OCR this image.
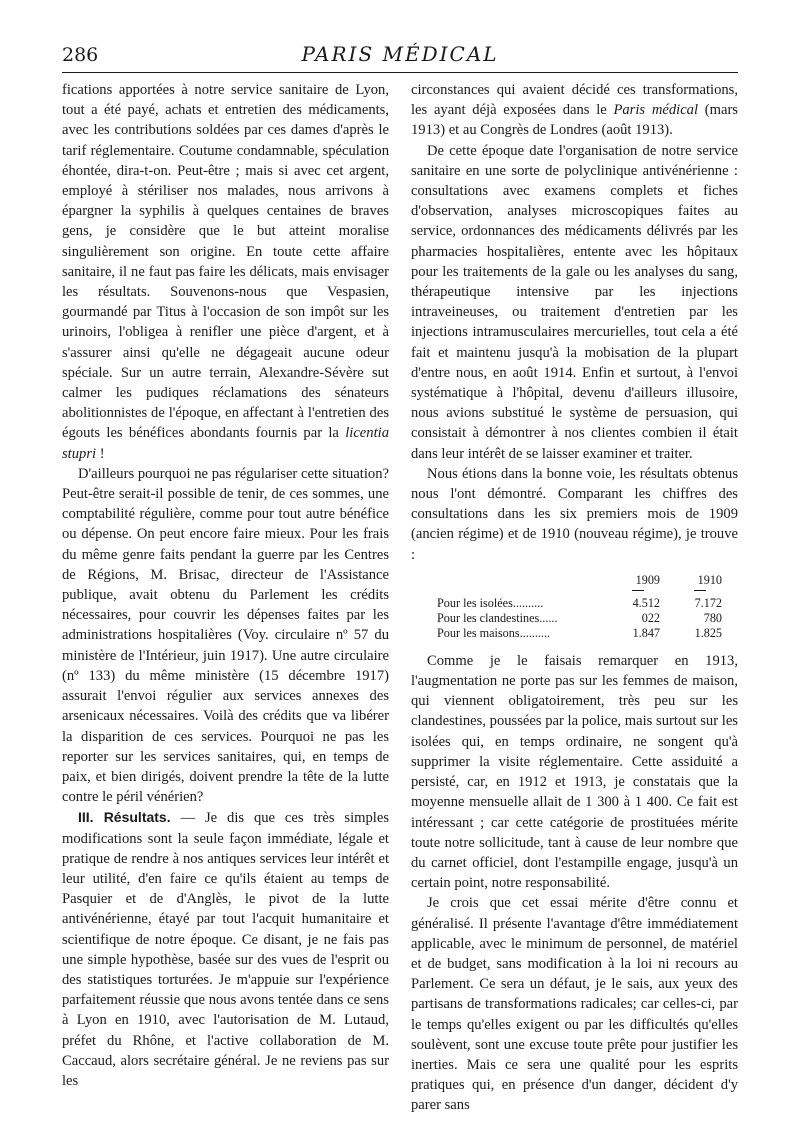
286	PARIS MÉDICAL

fications apportées à notre service sanitaire de Lyon, tout a été payé, achats et entretien des médicaments, avec les contributions soldées par ces dames d'après le tarif réglementaire. Coutume condamnable, spéculation éhontée, dira-t-on. Peut-être ; mais si avec cet argent, employé à stériliser nos malades, nous arrivons à épargner la syphilis à quelques centaines de braves gens, je considère que le but atteint moralise singulièrement son origine. En toute cette affaire sanitaire, il ne faut pas faire les délicats, mais envisager les résultats. Souvenons-nous que Vespasien, gourmandé par Titus à l'occasion de son impôt sur les urinoirs, l'obligea à renifler une pièce d'argent, et à s'assurer ainsi qu'elle ne dégageait aucune odeur spéciale. Sur un autre terrain, Alexandre-Sévère sut calmer les pudiques réclamations des sénateurs abolitionnistes de l'époque, en affectant à l'entretien des égouts les bénéfices abondants fournis par la licentia stupri !

D'ailleurs pourquoi ne pas régulariser cette situation? Peut-être serait-il possible de tenir, de ces sommes, une comptabilité régulière, comme pour tout autre bénéfice ou dépense. On peut encore faire mieux. Pour les frais du même genre faits pendant la guerre par les Centres de Régions, M. Brisac, directeur de l'Assistance publique, avait obtenu du Parlement les crédits nécessaires, pour couvrir les dépenses faites par les administrations hospitalières (Voy. circulaire nº 57 du ministère de l'Intérieur, juin 1917). Une autre circulaire (nº 133) du même ministère (15 décembre 1917) assurait l'envoi régulier aux services annexes des arsenicaux nécessaires. Voilà des crédits que va libérer la disparition de ces services. Pourquoi ne pas les reporter sur les services sanitaires, qui, en temps de paix, et bien dirigés, doivent prendre la tête de la lutte contre le péril vénérien?

III. Résultats. — Je dis que ces très simples modifications sont la seule façon immédiate, légale et pratique de rendre à nos antiques services leur intérêt et leur utilité, d'en faire ce qu'ils étaient au temps de Pasquier et de d'Anglès, le pivot de la lutte antivénérienne, étayé par tout l'acquit humanitaire et scientifique de notre époque. Ce disant, je ne fais pas une simple hypothèse, basée sur des vues de l'esprit ou des statistiques torturées. Je m'appuie sur l'expérience parfaitement réussie que nous avons tentée dans ce sens à Lyon en 1910, avec l'autorisation de M. Lutaud, préfet du Rhône, et l'active collaboration de M. Caccaud, alors secrétaire général. Je ne reviens pas sur les

circonstances qui avaient décidé ces transformations, les ayant déjà exposées dans le Paris médical (mars 1913) et au Congrès de Londres (août 1913).

De cette époque date l'organisation de notre service sanitaire en une sorte de polyclinique antivénérienne : consultations avec examens complets et fiches d'observation, analyses microscopiques faites au service, ordonnances des médicaments délivrés par les pharmacies hospitalières, entente avec les hôpitaux pour les traitements de la gale ou les analyses du sang, thérapeutique intensive par les injections intraveineuses, ou traitement d'entretien par les injections intramusculaires mercurielles, tout cela a été fait et maintenu jusqu'à la mobisation de la plupart d'entre nous, en août 1914. Enfin et surtout, à l'envoi systématique à l'hôpital, devenu d'ailleurs illusoire, nous avions substitué le système de persuasion, qui consistait à démontrer à nos clientes combien il était dans leur intérêt de se laisser examiner et traiter.

Nous étions dans la bonne voie, les résultats obtenus nous l'ont démontré. Comparant les chiffres des consultations dans les six premiers mois de 1909 (ancien régime) et de 1910 (nouveau régime), je trouve :

1909	1910
Pour les isolées..........	4.512	7.172
Pour les clandestines......	022	780
Pour les maisons..........	1.847	1.825

Comme je le faisais remarquer en 1913, l'augmentation ne porte pas sur les femmes de maison, qui viennent obligatoirement, très peu sur les clandestines, poussées par la police, mais surtout sur les isolées qui, en temps ordinaire, ne songent qu'à supprimer la visite réglementaire. Cette assiduité a persisté, car, en 1912 et 1913, je constatais que la moyenne mensuelle allait de 1 300 à 1 400. Ce fait est intéressant ; car cette catégorie de prostituées mérite toute notre sollicitude, tant à cause de leur nombre que du carnet officiel, dont l'estampille engage, jusqu'à un certain point, notre responsabilité.

Je crois que cet essai mérite d'être connu et généralisé. Il présente l'avantage d'être immédiatement applicable, avec le minimum de personnel, de matériel et de budget, sans modification à la loi ni recours au Parlement. Ce sera un défaut, je le sais, aux yeux des partisans de transformations radicales; car celles-ci, par le temps qu'elles exigent ou par les difficultés qu'elles soulèvent, sont une excuse toute prête pour justifier les inerties. Mais ce sera une qualité pour les esprits pratiques qui, en présence d'un danger, décident d'y parer sans
